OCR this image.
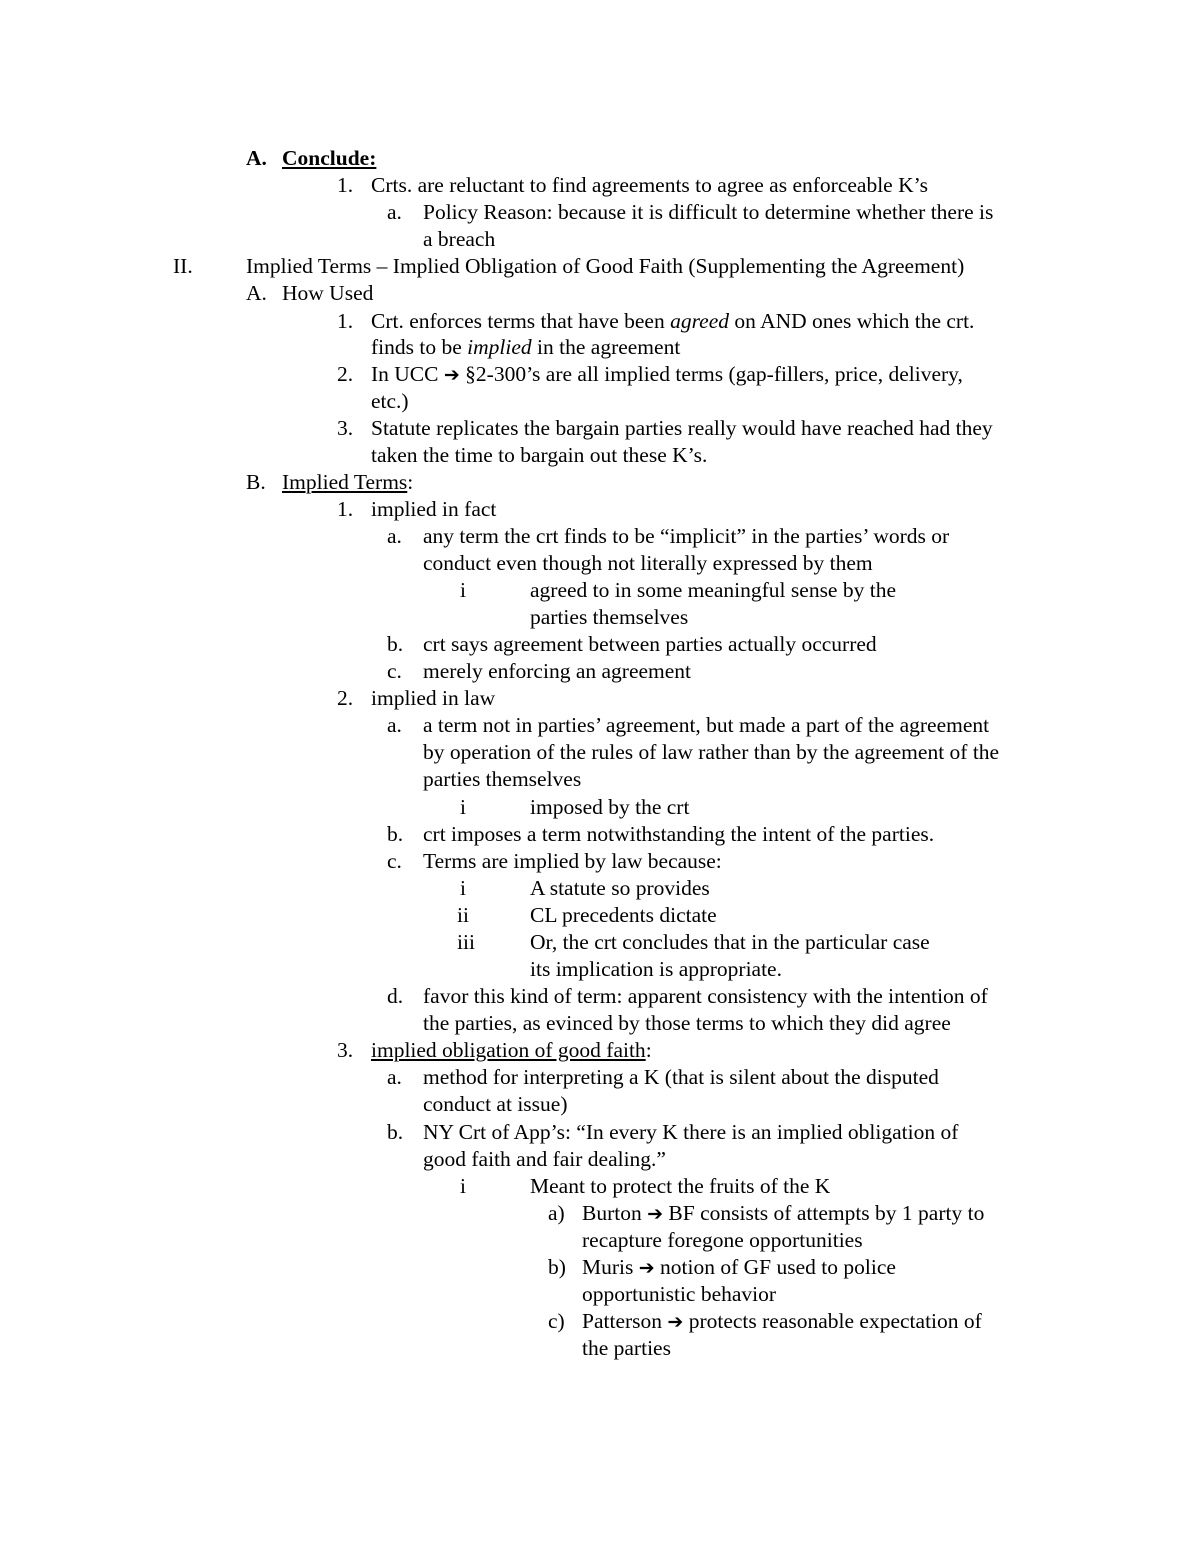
A. Conclude:
1. Crts. are reluctant to find agreements to agree as enforceable K’s
a. Policy Reason: because it is difficult to determine whether there is
a breach
II. Implied Terms – Implied Obligation of Good Faith (Supplementing the Agreement)
A. How Used
1. Crt. enforces terms that have been agreed on AND ones which the crt.
finds to be implied in the agreement
2. In UCC ➔ §2-300’s are all implied terms (gap-fillers, price, delivery,
etc.)
3. Statute replicates the bargain parties really would have reached had they
taken the time to bargain out these K’s.
B. Implied Terms:
1. implied in fact
a. any term the crt finds to be “implicit” in the parties’ words or
conduct even though not literally expressed by them
i	agreed to in some meaningful sense by the
parties themselves
b. crt says agreement between parties actually occurred
c. merely enforcing an agreement
2. implied in law
a. a term not in parties’ agreement, but made a part of the agreement
by operation of the rules of law rather than by the agreement of the
parties themselves
i	imposed by the crt
b. crt imposes a term notwithstanding the intent of the parties.
c. Terms are implied by law because:
i	A statute so provides
ii	CL precedents dictate
iii	Or, the crt concludes that in the particular case
its implication is appropriate.
d. favor this kind of term: apparent consistency with the intention of
the parties, as evinced by those terms to which they did agree
3. implied obligation of good faith:
a. method for interpreting a K (that is silent about the disputed
conduct at issue)
b. NY Crt of App’s: “In every K there is an implied obligation of
good faith and fair dealing.”
i	Meant to protect the fruits of the K
a) Burton ➔ BF consists of attempts by 1 party to
recapture foregone opportunities
b) Muris ➔ notion of GF used to police
opportunistic behavior
c) Patterson ➔ protects reasonable expectation of
the parties
